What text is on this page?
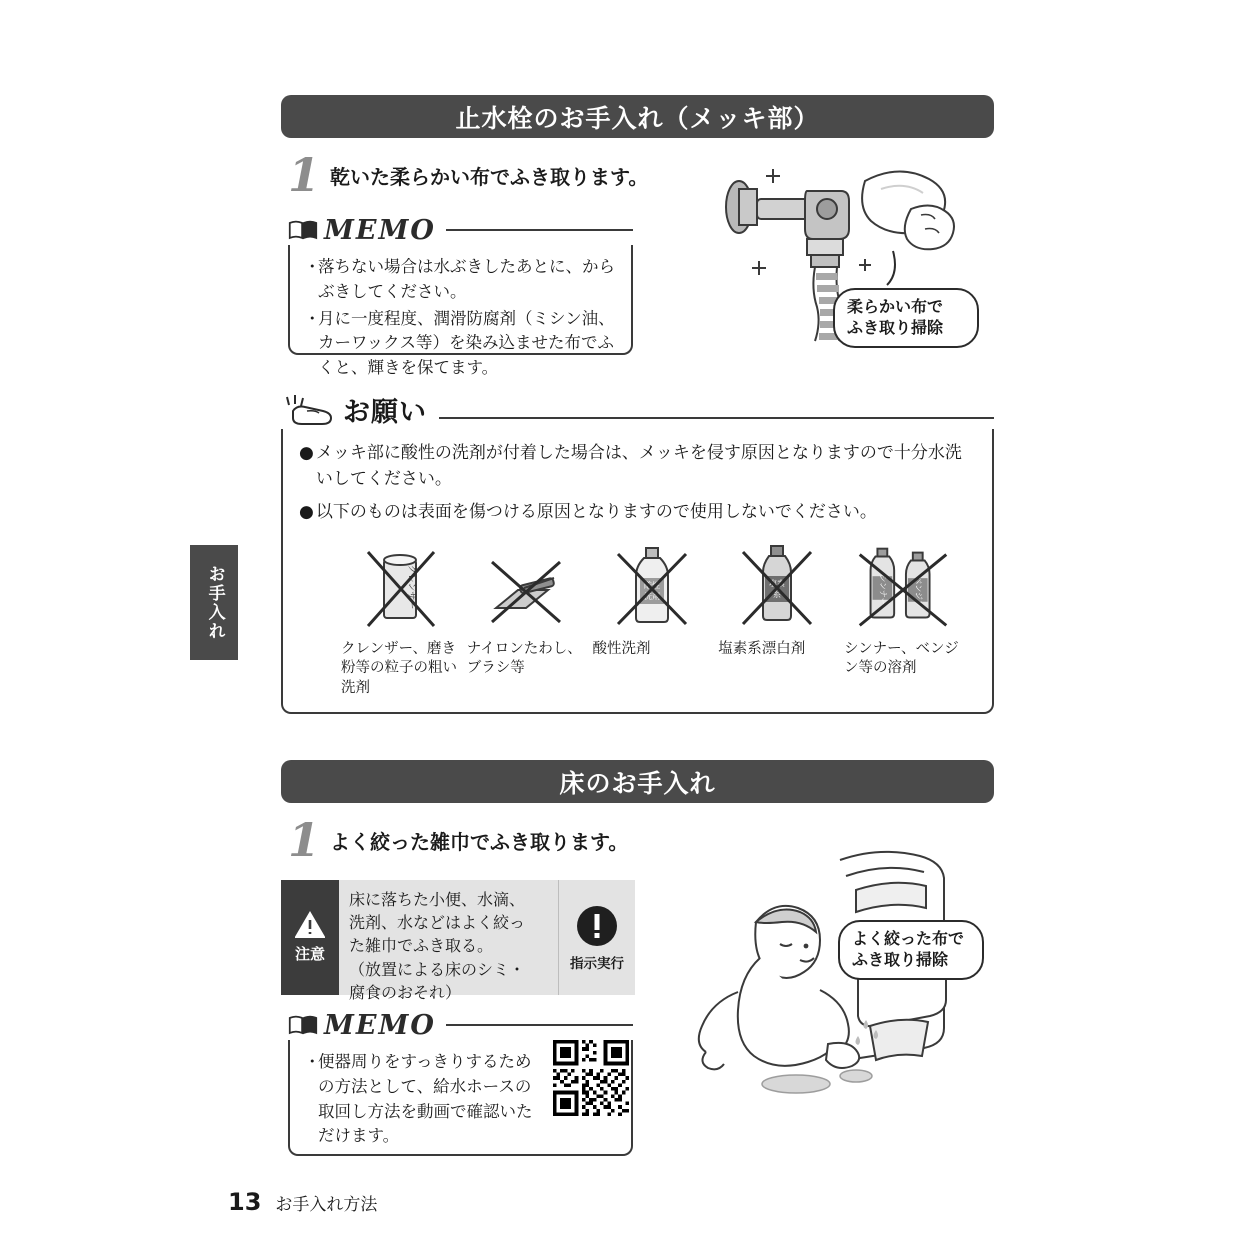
お手入れ
止水栓のお手入れ（メッキ部）
1 乾いた柔らかい布でふき取ります。
MEMO
・
落ちない場合は水ぶきしたあとに、からぶきしてください。
・
月に一度程度、潤滑防腐剤（ミシン油、カーワックス等）を染み込ませた布でふくと、輝きを保てます。
柔らかい布で
ふき取り掃除
お願い
● メッキ部に酸性の洗剤が付着した場合は、メッキを侵す原因となりますので十分水洗いしてください。
● 以下のものは表面を傷つける原因となりますので使用しないでください。
クレンザー
クレンザー、磨き粉等の粒子の粗い洗剤
ナイロンたわし、ブラシ等
酸性
洗剤
酸性洗剤
塩素
系
塩素系漂白剤
シンナー	ベンジン
シンナー、ベンジン等の溶剤
床のお手入れ
1 よく絞った雑巾でふき取ります。
注意
床に落ちた小便、水滴、
洗剤、水などはよく絞っ
た雑巾でふき取る。
（放置による床のシミ・
腐食のおそれ）
指示実行
MEMO
・
便器周りをすっきりするための方法として、給水ホースの取回し方法を動画で確認いただけます。
よく絞った布で
ふき取り掃除
13 お手入れ方法
